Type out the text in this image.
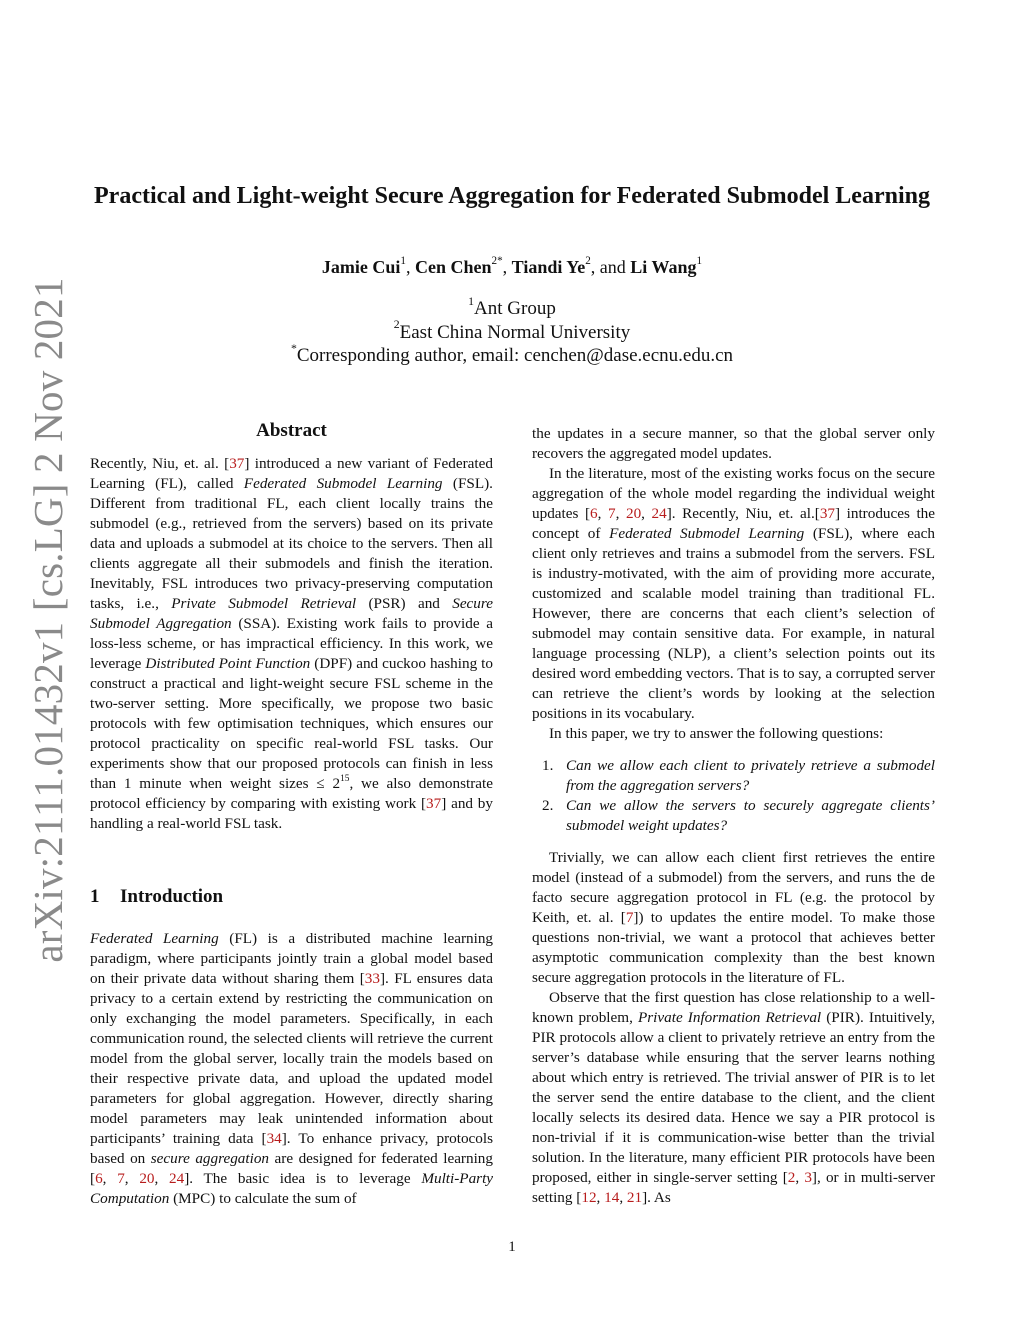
arXiv:2111.01432v1 [cs.LG] 2 Nov 2021
Practical and Light-weight Secure Aggregation for Federated Submodel Learning
Jamie Cui$^1$, Cen Chen$^{2*}$, Tiandi Ye$^2$, and Li Wang$^1$
$^1$Ant Group
$^2$East China Normal University
*Corresponding author, email: cenchen@dase.ecnu.edu.cn
Abstract

Recently, Niu, et. al. [37] introduced a new variant of Federated Learning (FL), called Federated Submodel Learning (FSL). Different from traditional FL, each client locally trains the submodel (e.g., retrieved from the servers) based on its private data and uploads a submodel at its choice to the servers. Then all clients aggregate all their submodels and finish the iteration. Inevitably, FSL introduces two privacy-preserving computation tasks, i.e., Private Submodel Retrieval (PSR) and Secure Submodel Aggregation (SSA). Existing work fails to provide a loss-less scheme, or has impractical efficiency. In this work, we leverage Distributed Point Function (DPF) and cuckoo hashing to construct a practical and light-weight secure FSL scheme in the two-server setting. More specifically, we propose two basic protocols with few optimisation techniques, which ensures our protocol practicality on specific real-world FSL tasks. Our experiments show that our proposed protocols can finish in less than 1 minute when weight sizes ≤ $2^{15}$, we also demonstrate protocol efficiency by comparing with existing work [37] and by handling a real-world FSL task.

1 Introduction

Federated Learning (FL) is a distributed machine learning paradigm, where participants jointly train a global model based on their private data without sharing them [33]. FL ensures data privacy to a certain extend by restricting the communication on only exchanging the model parameters. Specifically, in each communication round, the selected clients will retrieve the current model from the global server, locally train the models based on their respective private data, and upload the updated model parameters for global aggregation. However, directly sharing model parameters may leak unintended information about participants’ training data [34]. To enhance privacy, protocols based on secure aggregation are designed for federated learning [6, 7, 20, 24]. The basic idea is to leverage Multi-Party Computation (MPC) to calculate the sum of

the updates in a secure manner, so that the global server only recovers the aggregated model updates.

In the literature, most of the existing works focus on the secure aggregation of the whole model regarding the individual weight updates [6, 7, 20, 24]. Recently, Niu, et. al.[37] introduces the concept of Federated Submodel Learning (FSL), where each client only retrieves and trains a submodel from the servers. FSL is industry-motivated, with the aim of providing more accurate, customized and scalable model training than traditional FL. However, there are concerns that each client’s selection of submodel may contain sensitive data. For example, in natural language processing (NLP), a client’s selection points out its desired word embedding vectors. That is to say, a corrupted server can retrieve the client’s words by looking at the selection positions in its vocabulary.

In this paper, we try to answer the following questions:

1. Can we allow each client to privately retrieve a submodel from the aggregation servers?
2. Can we allow the servers to securely aggregate clients’ submodel weight updates?

Trivially, we can allow each client first retrieves the entire model (instead of a submodel) from the servers, and runs the de facto secure aggregation protocol in FL (e.g. the protocol by Keith, et. al. [7]) to updates the entire model. To make those questions non-trivial, we want a protocol that achieves better asymptotic communication complexity than the best known secure aggregation protocols in the literature of FL.

Observe that the first question has close relationship to a well-known problem, Private Information Retrieval (PIR). Intuitively, PIR protocols allow a client to privately retrieve an entry from the server’s database while ensuring that the server learns nothing about which entry is retrieved. The trivial answer of PIR is to let the server send the entire database to the client, and the client locally selects its desired data. Hence we say a PIR protocol is non-trivial if it is communication-wise better than the trivial solution. In the literature, many efficient PIR protocols have been proposed, either in single-server setting [2, 3], or in multi-server setting [12, 14, 21]. As

1
